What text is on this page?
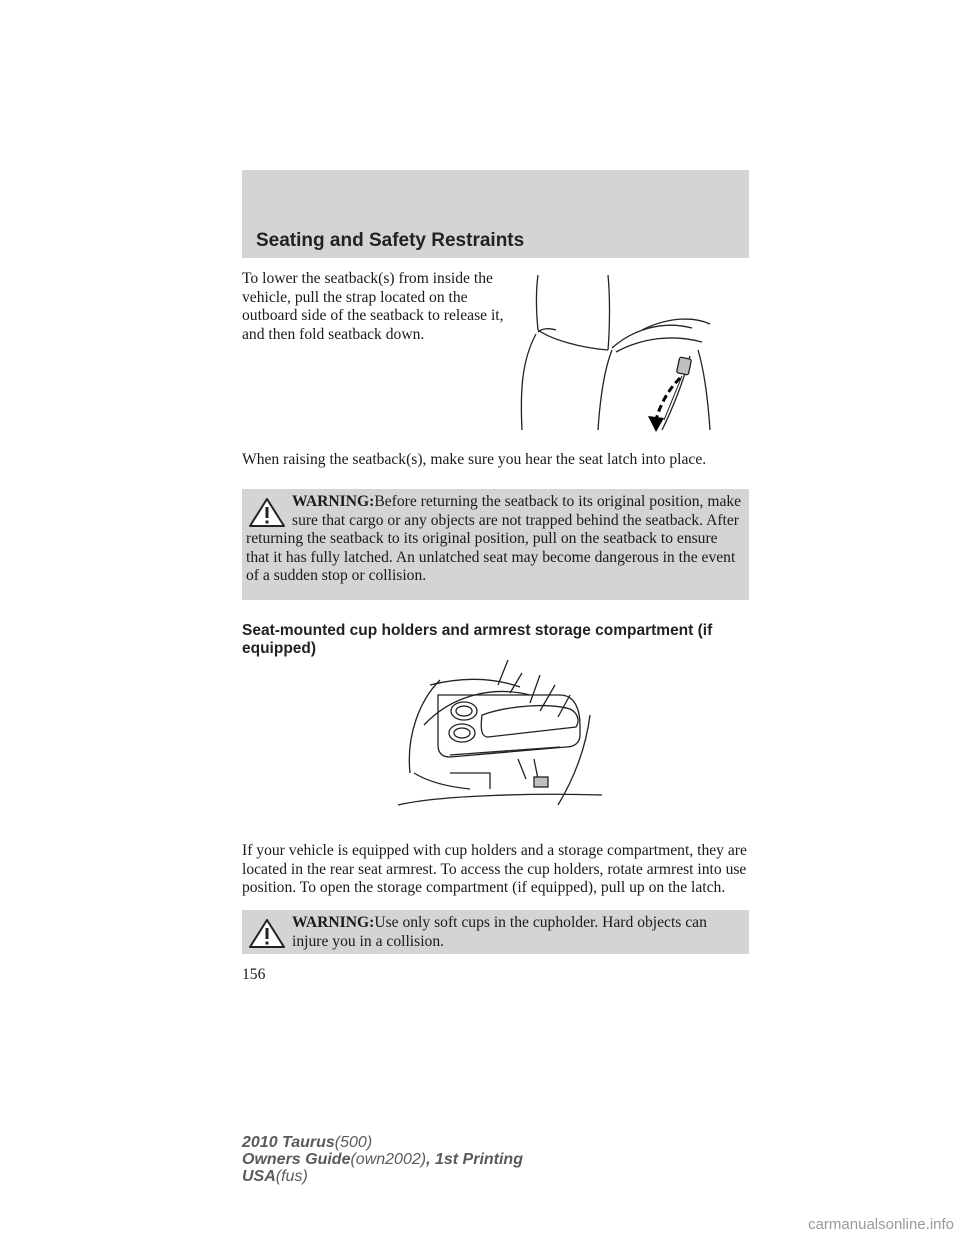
Seating and Safety Restraints

To lower the seatback(s) from inside the vehicle, pull the strap located on the outboard side of the seatback to release it, and then fold seatback down.

When raising the seatback(s), make sure you hear the seat latch into place.

WARNING:Before returning the seatback to its original position, make sure that cargo or any objects are not trapped behind the seatback. After returning the seatback to its original position, pull on the seatback to ensure that it has fully latched. An unlatched seat may become dangerous in the event of a sudden stop or collision.
Seat-mounted cup holders and armrest storage compartment (if equipped)

If your vehicle is equipped with cup holders and a storage compartment, they are located in the rear seat armrest. To access the cup holders, rotate armrest into use position. To open the storage compartment (if equipped), pull up on the latch.

WARNING:Use only soft cups in the cupholder. Hard objects can injure you in a collision.
156
2010 Taurus(500)
Owners Guide(own2002), 1st Printing
USA(fus)
carmanualsonline.info
